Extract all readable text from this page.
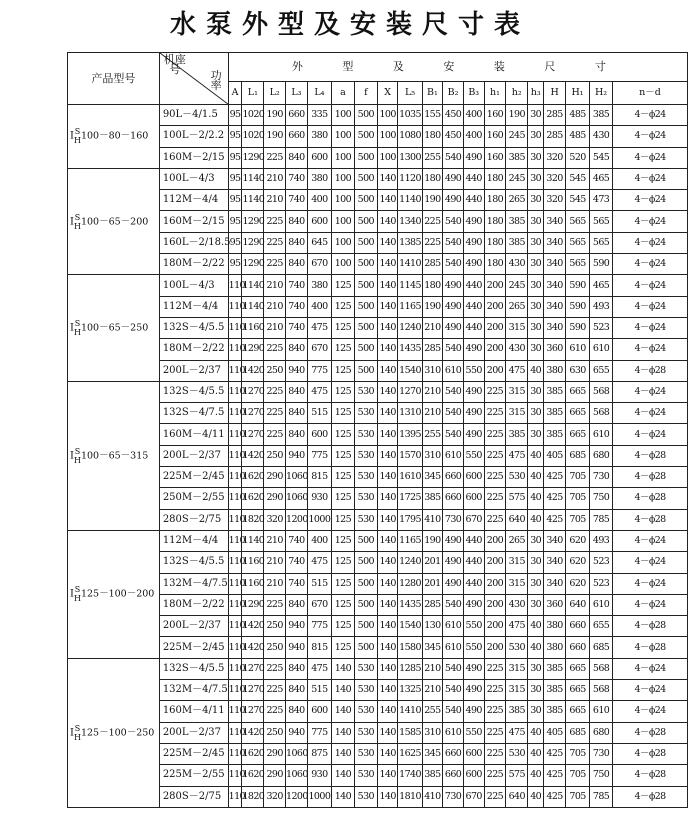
水泵外型及安装尺寸表
产品型号	机座
号 功
率	外 型 及 安 装 尺 寸																		
		A	L₁	L₂	L₃	L₄	a	f	X	L₅	B₁	B₂	B₃	h₁	h₂	h₃	H	H₁	H₂	n－d
I S
H 100－80－160	90L－4/1.5	95	1020	190	660	335	100	500	100	1035	155	450	400	160	190	30	285	485	385	4－ϕ24
	100L－2/2.2	95	1020	190	660	380	100	500	100	1080	180	450	400	160	245	30	285	485	430	4－ϕ24
	160M－2/15	95	1290	225	840	600	100	500	100	1300	255	540	490	160	385	30	320	520	545	4－ϕ24
I S
H 100－65－200	100L－4/3	95	1140	210	740	380	100	500	140	1120	180	490	440	180	245	30	320	545	465	4－ϕ24
	112M－4/4	95	1140	210	740	400	100	500	140	1140	190	490	440	180	265	30	320	545	473	4－ϕ24
	160M－2/15	95	1290	225	840	600	100	500	140	1340	225	540	490	180	385	30	340	565	565	4－ϕ24
	160L－2/18.5	95	1290	225	840	645	100	500	140	1385	225	540	490	180	385	30	340	565	565	4－ϕ24
	180M－2/22	95	1290	225	840	670	100	500	140	1410	285	540	490	180	430	30	340	565	590	4－ϕ24
I S
H 100－65－250	100L－4/3	110	1140	210	740	380	125	500	140	1145	180	490	440	200	245	30	340	590	465	4－ϕ24
	112M－4/4	110	1140	210	740	400	125	500	140	1165	190	490	440	200	265	30	340	590	493	4－ϕ24
	132S－4/5.5	110	1160	210	740	475	125	500	140	1240	210	490	440	200	315	30	340	590	523	4－ϕ24
	180M－2/22	110	1290	225	840	670	125	500	140	1435	285	540	490	200	430	30	360	610	610	4－ϕ24
	200L－2/37	110	1420	250	940	775	125	500	140	1540	310	610	550	200	475	40	380	630	655	4－ϕ28
I S
H 100－65－315	132S－4/5.5	110	1270	225	840	475	125	530	140	1270	210	540	490	225	315	30	385	665	568	4－ϕ24
	132S－4/7.5	110	1270	225	840	515	125	530	140	1310	210	540	490	225	315	30	385	665	568	4－ϕ24
	160M－4/11	110	1270	225	840	600	125	530	140	1395	255	540	490	225	385	30	385	665	610	4－ϕ24
	200L－2/37	110	1420	250	940	775	125	530	140	1570	310	610	550	225	475	40	405	685	680	4－ϕ28
	225M－2/45	110	1620	290	1060	815	125	530	140	1610	345	660	600	225	530	40	425	705	730	4－ϕ28
	250M－2/55	110	1620	290	1060	930	125	530	140	1725	385	660	600	225	575	40	425	705	750	4－ϕ28
	280S－2/75	110	1820	320	1200	1000	125	530	140	1795	410	730	670	225	640	40	425	705	785	4－ϕ28
I S
H 125－100－200	112M－4/4	110	1140	210	740	400	125	500	140	1165	190	490	440	200	265	30	340	620	493	4－ϕ24
	132S－4/5.5	110	1160	210	740	475	125	500	140	1240	201	490	440	200	315	30	340	620	523	4－ϕ24
	132M－4/7.5	110	1160	210	740	515	125	500	140	1280	201	490	440	200	315	30	340	620	523	4－ϕ24
	180M－2/22	110	1290	225	840	670	125	500	140	1435	285	540	490	200	430	30	360	640	610	4－ϕ24
	200L－2/37	110	1420	250	940	775	125	500	140	1540	130	610	550	200	475	40	380	660	655	4－ϕ28
	225M－2/45	110	1420	250	940	815	125	500	140	1580	345	610	550	200	530	40	380	660	685	4－ϕ28
I S
H 125－100－250	132S－4/5.5	110	1270	225	840	475	140	530	140	1285	210	540	490	225	315	30	385	665	568	4－ϕ24
	132M－4/7.5	110	1270	225	840	515	140	530	140	1325	210	540	490	225	315	30	385	665	568	4－ϕ24
	160M－4/11	110	1270	225	840	600	140	530	140	1410	255	540	490	225	385	30	385	665	610	4－ϕ24
	200L－2/37	110	1420	250	940	775	140	530	140	1585	310	610	550	225	475	40	405	685	680	4－ϕ28
	225M－2/45	110	1620	290	1060	875	140	530	140	1625	345	660	600	225	530	40	425	705	730	4－ϕ28
	225M－2/55	110	1620	290	1060	930	140	530	140	1740	385	660	600	225	575	40	425	705	750	4－ϕ28
	280S－2/75	110	1820	320	1200	1000	140	530	140	1810	410	730	670	225	640	40	425	705	785	4－ϕ28
